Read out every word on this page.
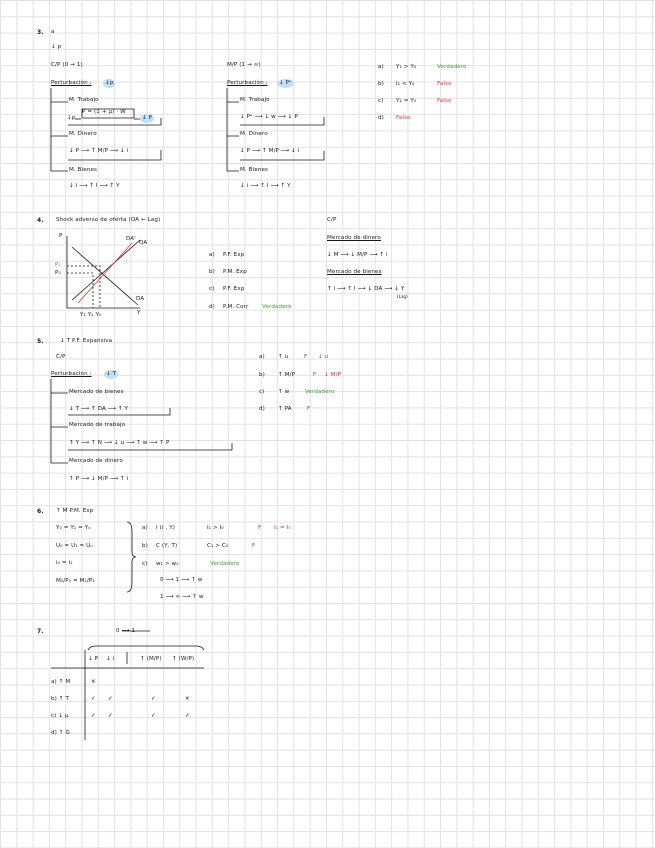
3. a
↓ p
C/P (0 → 1)
Perturbación :	↓p
M. Trabajo
↓p
P = (1 + μ) · W
↓ P
M. Dinero
↓ P ⟶ ↑ M/P ⟶ ↓ i
M. Bienes
↓ i ⟶ ↑ I ⟶ ↑ Y
M/P (1 → ∞)
Perturbación :	↓ Pᵉ
M. Trabajo
↓ Pᵉ ⟶ ↓ w ⟶ ↓ P
M. Dinero
↓ P ⟶ ↑ M/P ⟶ ↓ i
M. Bienes
↓ i ⟶ ↑ I ⟶ ↑ Y
a) Y₁ > Y₀	Verdadero
b) I₁ < Y₀	Falso
c) Y₂ = Y₀	Falso
d) Falso
4. Shock adverso de oferta (OA ← Lag)
P
Y
DA'
OA
DA
P₁
P₀
Y₁ Y₂ Y₀
a) P.F. Exp
b) P.M. Exp
c) P.F. Exp
d) P.M. Corr Verdadero
C/P
Mercado de dinero
↓ M ⟶ ↓ M/P ⟶ ↑ i
Mercado de bienes
↑ i ⟶ ↑ I ⟶ ↓ DA ⟶ ↓ Y
(Lag)
5.	↓ T P.F. Expansiva
C/P
Perturbación :	↓ T
Mercado de bienes
↓ T ⟶ ↑ DA ⟶ ↑ Y
Mercado de trabajo
↑ Y ⟶ ↑ N ⟶ ↓ u ⟶ ↑ w ⟶ ↑ P
Mercado de dinero
↑ P ⟶ ↓ M/P ⟶ ↑ i
a) ↑ u	F ↓ u
b) ↑ M/P	F ↓ M/P
c) ↑ w	Verdadero
d) ↑ PA	F
6. ↑ M P.M. Exp
Y₀ = Y₁ = Yₙ
U₀ = U₁ = Uₙ
i₀ = i₁
M₀/P₀ = M₁/P₁
a) I (i , Y)	I₁ > I₀	F I₁ = I₀
b) C (Y, T)	C₁ > C₀	F
c) w₁ > w₀	Verdadero
0 ⟶ 1 ⟶ ↑ w
1 ⟶ ∞ ⟶ ↑ w
7.	0 ⟶ 1
↓ P ↓ i	↑ (M/P) ↑ (W/P)
a) ↑ M	✕
b) ↑ T	✓ ✓	✓	✕
c) ↓ μ	✓ ✓	✓	✓
d) ↑ G
